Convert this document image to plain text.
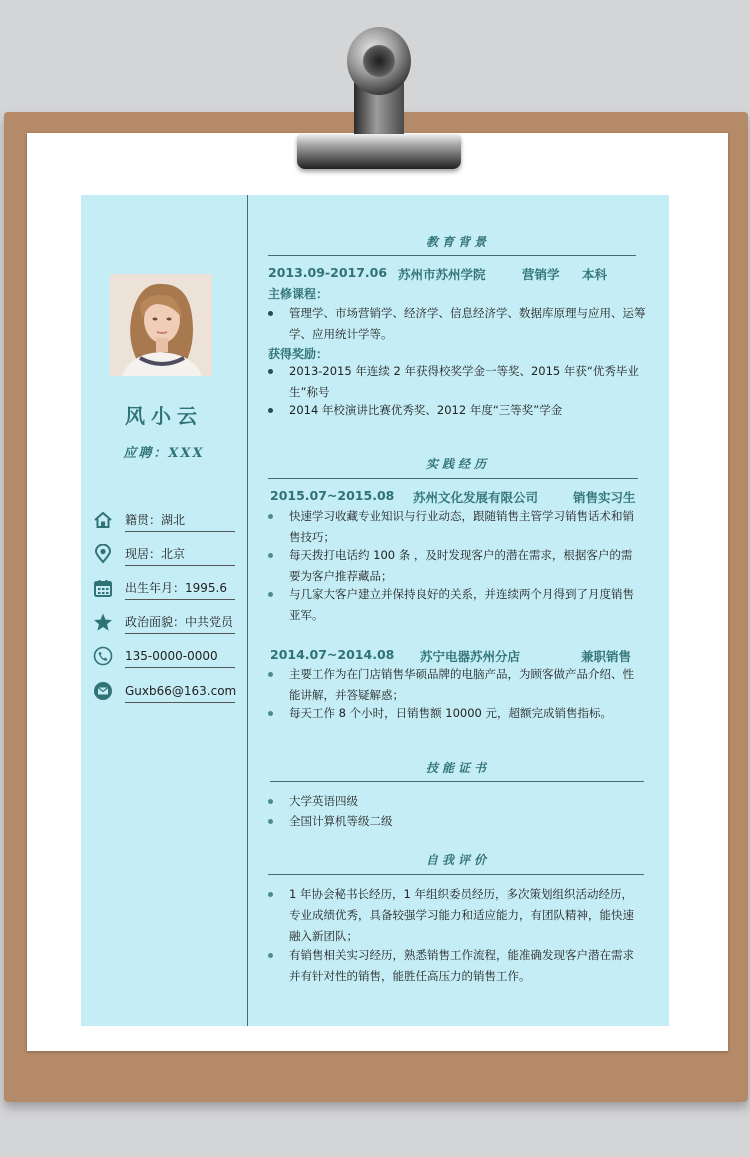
风小云
应聘：XXX
籍贯：湖北
现居：北京
出生年月：1995.6
政治面貌：中共党员
135-0000-0000
Guxb66@163.com
教育背景
2013.09-2017.06 苏州市苏州学院	营销学 本科
主修课程：
管理学、市场营销学、经济学、信息经济学、数据库原理与应用、运筹学、应用统计学等。
获得奖励：
2013-2015 年连续 2 年获得校奖学金一等奖、2015 年获“优秀毕业生”称号
2014 年校演讲比赛优秀奖、2012 年度“三等奖”学金
实践经历
2015.07~2015.08 苏州文化发展有限公司	销售实习生
快速学习收藏专业知识与行业动态，跟随销售主管学习销售话术和销售技巧；
每天拨打电话约 100 条 ，及时发现客户的潜在需求，根据客户的需要为客户推荐藏品；
与几家大客户建立并保持良好的关系，并连续两个月得到了月度销售亚军。
2014.07~2014.08 苏宁电器苏州分店	兼职销售
主要工作为在门店销售华硕品牌的电脑产品，为顾客做产品介绍、性能讲解，并答疑解惑；
每天工作 8 个小时，日销售额 10000 元，超额完成销售指标。
技能证书
大学英语四级
全国计算机等级二级
自我评价
1 年协会秘书长经历，1 年组织委员经历，多次策划组织活动经历，专业成绩优秀，具备较强学习能力和适应能力，有团队精神，能快速融入新团队；
有销售相关实习经历，熟悉销售工作流程，能准确发现客户潜在需求并有针对性的销售，能胜任高压力的销售工作。
